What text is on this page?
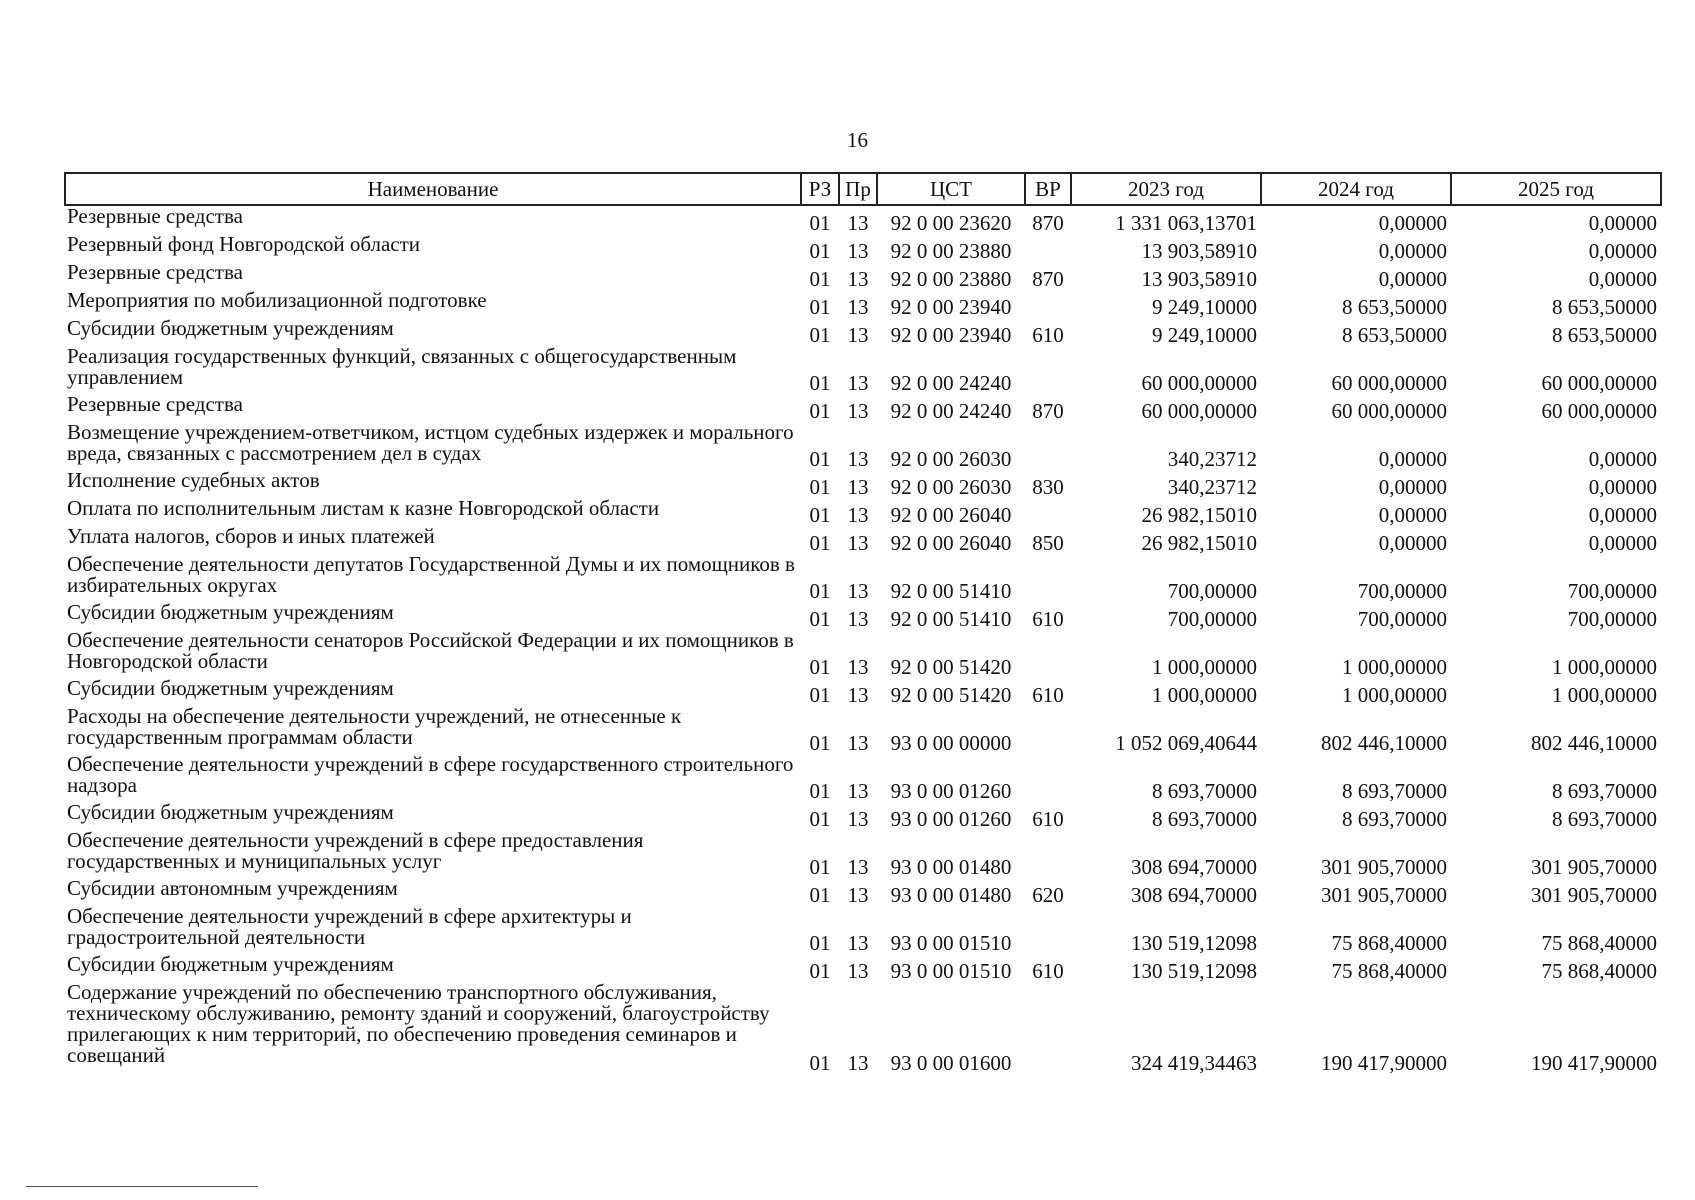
16
Наименование	РЗ	Пр	ЦСТ	ВР	2023 год	2024 год	2025 год
Резервные средства	01	13	92 0 00 23620	870	1 331 063,13701	0,00000	0,00000
Резервный фонд Новгородской области	01	13	92 0 00 23880		13 903,58910	0,00000	0,00000
Резервные средства	01	13	92 0 00 23880	870	13 903,58910	0,00000	0,00000
Мероприятия по мобилизационной подготовке	01	13	92 0 00 23940		9 249,10000	8 653,50000	8 653,50000
Субсидии бюджетным учреждениям	01	13	92 0 00 23940	610	9 249,10000	8 653,50000	8 653,50000
Реализация государственных функций, связанных с общегосударственным управлением	01	13	92 0 00 24240		60 000,00000	60 000,00000	60 000,00000
Резервные средства	01	13	92 0 00 24240	870	60 000,00000	60 000,00000	60 000,00000
Возмещение учреждением-ответчиком, истцом судебных издержек и морального вреда, связанных с рассмотрением дел в судах	01	13	92 0 00 26030		340,23712	0,00000	0,00000
Исполнение судебных актов	01	13	92 0 00 26030	830	340,23712	0,00000	0,00000
Оплата по исполнительным листам к казне Новгородской области	01	13	92 0 00 26040		26 982,15010	0,00000	0,00000
Уплата налогов, сборов и иных платежей	01	13	92 0 00 26040	850	26 982,15010	0,00000	0,00000
Обеспечение деятельности депутатов Государственной Думы и их помощников в избирательных округах	01	13	92 0 00 51410		700,00000	700,00000	700,00000
Субсидии бюджетным учреждениям	01	13	92 0 00 51410	610	700,00000	700,00000	700,00000
Обеспечение деятельности сенаторов Российской Федерации и их помощников в Новгородской области	01	13	92 0 00 51420		1 000,00000	1 000,00000	1 000,00000
Субсидии бюджетным учреждениям	01	13	92 0 00 51420	610	1 000,00000	1 000,00000	1 000,00000
Расходы на обеспечение деятельности учреждений, не отнесенные к государственным программам области	01	13	93 0 00 00000		1 052 069,40644	802 446,10000	802 446,10000
Обеспечение деятельности учреждений в сфере государственного строительного надзора	01	13	93 0 00 01260		8 693,70000	8 693,70000	8 693,70000
Субсидии бюджетным учреждениям	01	13	93 0 00 01260	610	8 693,70000	8 693,70000	8 693,70000
Обеспечение деятельности учреждений в сфере предоставления государственных и муниципальных услуг	01	13	93 0 00 01480		308 694,70000	301 905,70000	301 905,70000
Субсидии автономным учреждениям	01	13	93 0 00 01480	620	308 694,70000	301 905,70000	301 905,70000
Обеспечение деятельности учреждений в сфере архитектуры и градостроительной деятельности	01	13	93 0 00 01510		130 519,12098	75 868,40000	75 868,40000
Субсидии бюджетным учреждениям	01	13	93 0 00 01510	610	130 519,12098	75 868,40000	75 868,40000
Содержание учреждений по обеспечению транспортного обслуживания, техническому обслуживанию, ремонту зданий и сооружений, благоустройству прилегающих к ним территорий, по обеспечению проведения семинаров и совещаний	01	13	93 0 00 01600		324 419,34463	190 417,90000	190 417,90000
